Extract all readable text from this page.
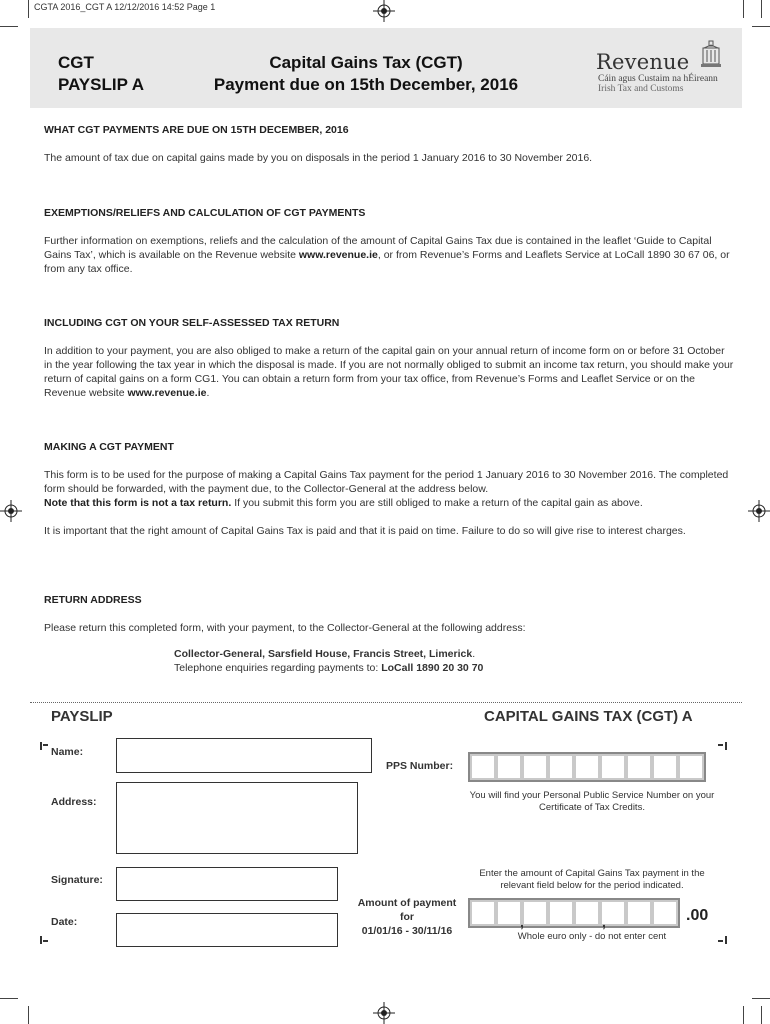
CGTA 2016_CGT A 12/12/2016 14:52 Page 1
CGT
PAYSLIP A
Capital Gains Tax (CGT)
Payment due on 15th December, 2016
Revenue
Cáin agus Custaim na hÉireann
Irish Tax and Customs
WHAT CGT PAYMENTS ARE DUE ON 15TH DECEMBER, 2016
The amount of tax due on capital gains made by you on disposals in the period 1 January 2016 to 30 November 2016.
EXEMPTIONS/RELIEFS AND CALCULATION OF CGT PAYMENTS
Further information on exemptions, reliefs and the calculation of the amount of Capital Gains Tax due is contained in the leaflet ‘Guide to Capital Gains Tax’, which is available on the Revenue website www.revenue.ie, or from Revenue’s Forms and Leaflets Service at LoCall 1890 30 67 06, or from any tax office.
INCLUDING CGT ON YOUR SELF-ASSESSED TAX RETURN
In addition to your payment, you are also obliged to make a return of the capital gain on your annual return of income form on or before 31 October in the year following the tax year in which the disposal is made. If you are not normally obliged to submit an income tax return, you should make your return of capital gains on a form CG1. You can obtain a return form from your tax office, from Revenue’s Forms and Leaflet Service or on the Revenue website www.revenue.ie.
MAKING A CGT PAYMENT
This form is to be used for the purpose of making a Capital Gains Tax payment for the period 1 January 2016 to 30 November 2016. The completed form should be forwarded, with the payment due, to the Collector-General at the address below.
Note that this form is not a tax return. If you submit this form you are still obliged to make a return of the capital gain as above.
It is important that the right amount of Capital Gains Tax is paid and that it is paid on time. Failure to do so will give rise to interest charges.
RETURN ADDRESS
Please return this completed form, with your payment, to the Collector-General at the following address:
Collector-General, Sarsfield House, Francis Street, Limerick.
Telephone enquiries regarding payments to: LoCall 1890 20 30 70
PAYSLIP	CAPITAL GAINS TAX (CGT) A
Name:
PPS Number:
You will find your Personal Public Service Number on your Certificate of Tax Credits.
Address:
Enter the amount of Capital Gains Tax payment in the relevant field below for the period indicated.
Signature:
Amount of payment
for
01/01/16 - 30/11/16
,	,	.00
Whole euro only - do not enter cent
Date:
